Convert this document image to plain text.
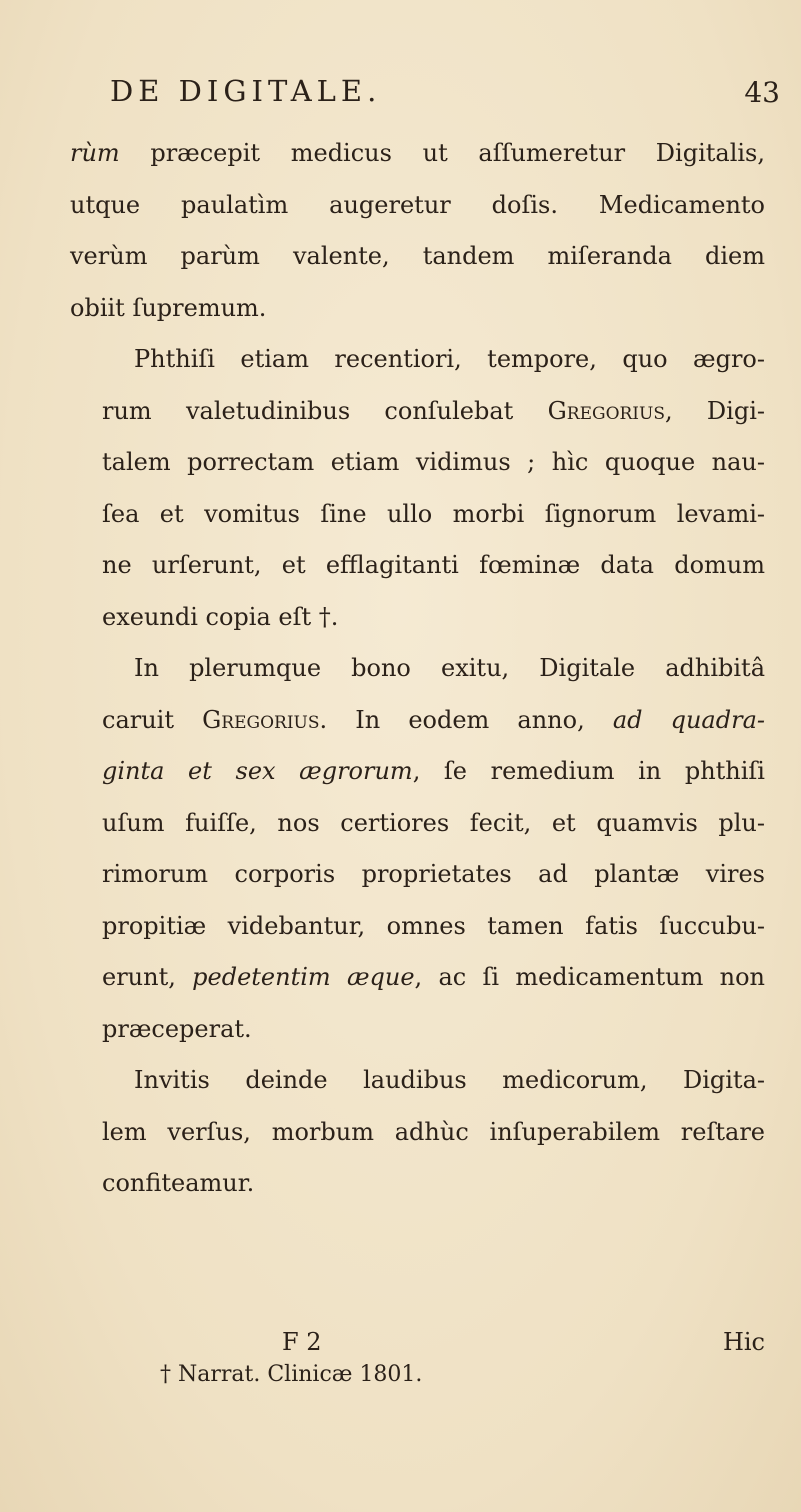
DE DIGITALE.	43
rùm præcepit medicus ut aſſumeretur Digitalis,
utque paulatìm augeretur doſis. Medicamento
verùm parùm valente, tandem miſeranda diem
obiit ſupremum.
Phthiſi etiam recentiori, tempore, quo ægro-
rum valetudinibus conſulebat Gregorius, Digi-
talem porrectam etiam vidimus ; hìc quoque nau-
ſea et vomitus ſine ullo morbi ſignorum levami-
ne urſerunt, et efflagitanti fœminæ data domum
exeundi copia eſt †.
In plerumque bono exitu, Digitale adhibitâ
caruit Gregorius. In eodem anno, ad quadra-
ginta et sex ægrorum, ſe remedium in phthiſi
uſum fuiſſe, nos certiores fecit, et quamvis plu-
rimorum corporis proprietates ad plantæ vires
propitiæ videbantur, omnes tamen fatis ſuccubu-
erunt, pedetentim æque, ac ſi medicamentum non
præceperat.
Invitis deinde laudibus medicorum, Digita-
lem verſus, morbum adhùc inſuperabilem reſtare
confiteamur.
F 2	Hic
† Narrat. Clinicæ 1801.
